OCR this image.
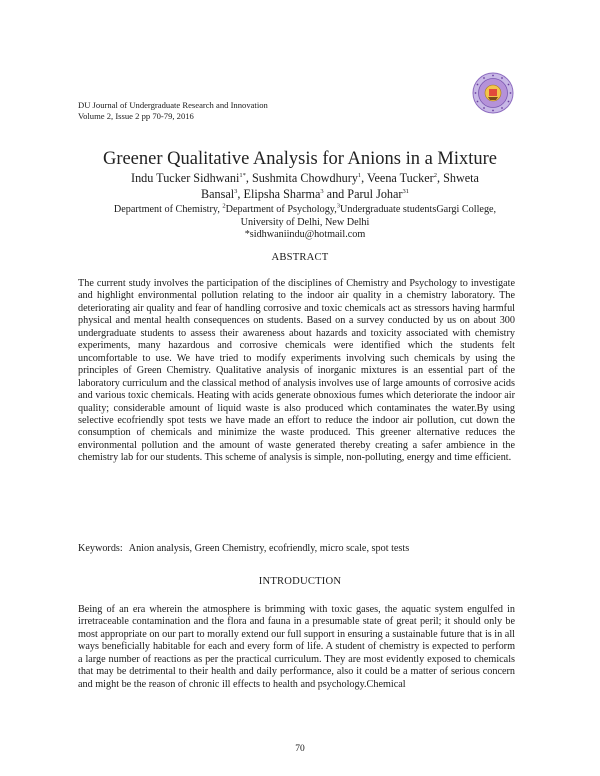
DU Journal of Undergraduate Research and Innovation
Volume 2, Issue 2 pp 70-79, 2016
Greener Qualitative Analysis for Anions in a Mixture
Indu Tucker Sidhwani$^{1*}$, Sushmita Chowdhury$^1$, Veena Tucker$^2$, Shweta
Bansal$^3$, Elipsha Sharma$^3$ and Parul Johar$^{31}$
Department of Chemistry, $^2$Department of Psychology,$^3$Undergraduate studentsGargi College,
University of Delhi, New Delhi
*sidhwaniindu@hotmail.com
ABSTRACT
The current study involves the participation of the disciplines of Chemistry and Psychology to investigate and highlight environmental pollution relating to the indoor air quality in a chemistry laboratory. The deteriorating air quality and fear of handling corrosive and toxic chemicals act as stressors having harmful physical and mental health consequences on students. Based on a survey conducted by us on about 300 undergraduate students to assess their awareness about hazards and toxicity associated with chemistry experiments, many hazardous and corrosive chemicals were identified which the students felt uncomfortable to use. We have tried to modify experiments involving such chemicals by using the principles of Green Chemistry. Qualitative analysis of inorganic mixtures is an essential part of the laboratory curriculum and the classical method of analysis involves use of large amounts of corrosive acids and various toxic chemicals. Heating with acids generate obnoxious fumes which deteriorate the indoor air quality; considerable amount of liquid waste is also produced which contaminates the water.By using selective ecofriendly spot tests we have made an effort to reduce the indoor air pollution, cut down the consumption of chemicals and minimize the waste produced. This greener alternative reduces the environmental pollution and the amount of waste generated thereby creating a safer ambience in the chemistry lab for our students. This scheme of analysis is simple, non-polluting, energy and time efficient.
Keywords: Anion analysis, Green Chemistry, ecofriendly, micro scale, spot tests
INTRODUCTION
Being of an era wherein the atmosphere is brimming with toxic gases, the aquatic system engulfed in irretraceable contamination and the flora and fauna in a presumable state of great peril; it should only be most appropriate on our part to morally extend our full support in ensuring a sustainable future that is in all ways beneficially habitable for each and every form of life. A student of chemistry is expected to perform a large number of reactions as per the practical curriculum. They are most evidently exposed to chemicals that may be detrimental to their health and daily performance, also it could be a matter of serious concern and might be the reason of chronic ill effects to health and psychology.Chemical
70
